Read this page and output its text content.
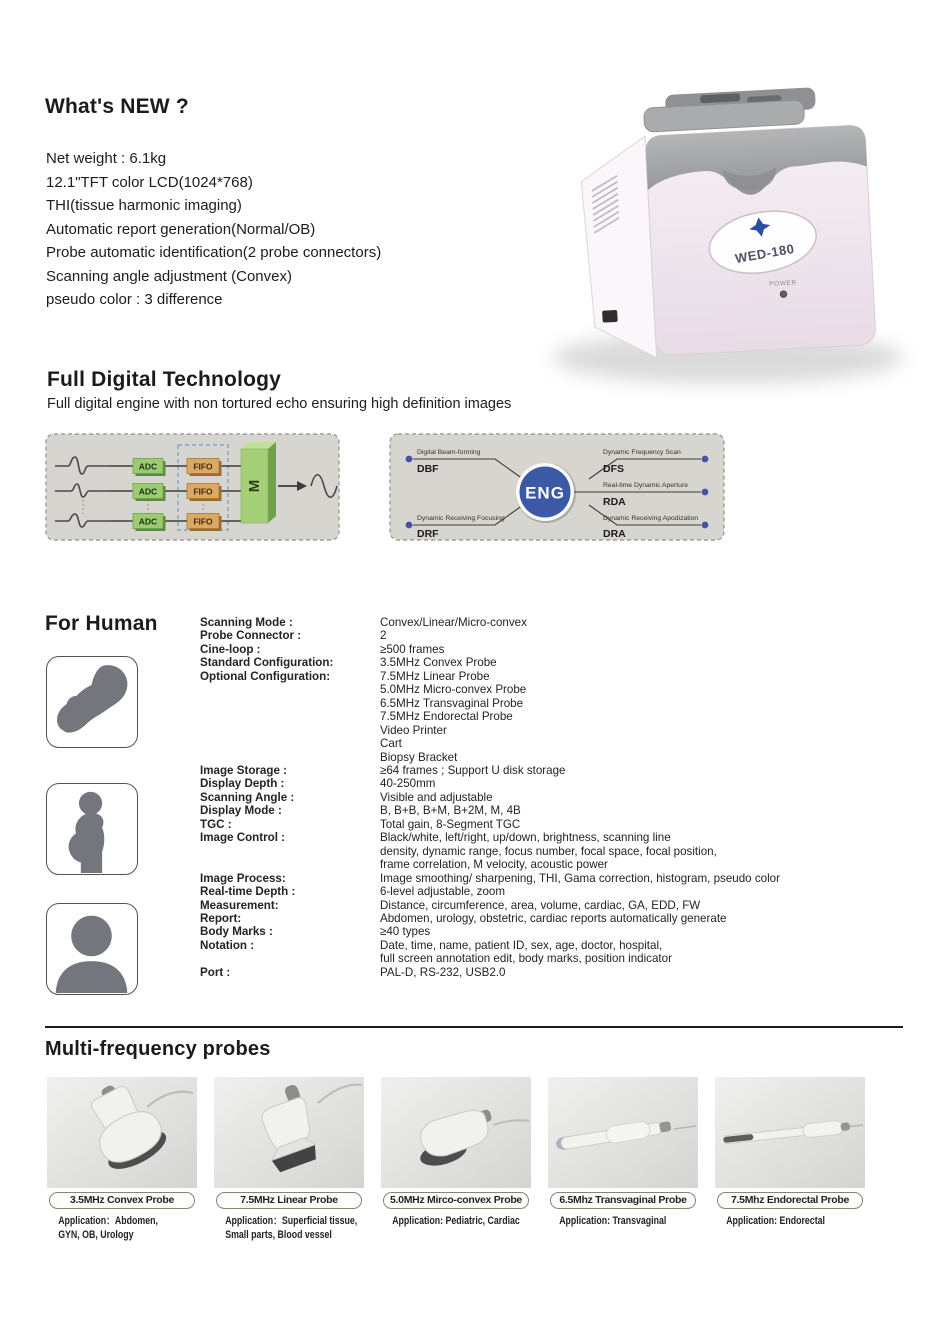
What's NEW ?
Net weight : 6.1kg
12.1"TFT color LCD(1024*768)
THI(tissue harmonic imaging)
Automatic report generation(Normal/OB)
Probe automatic identification(2 probe connectors)
Scanning angle adjustment (Convex)
pseudo color : 3 difference
WED-180
POWER
Full Digital Technology

Full digital engine with non tortured echo ensuring high definition images

ADC
ADC
ADC
FIFO
FIFO
FIFO
M
Digital Beam-forming
DBF
Dynamic Receiving Focusing
DRF
Dynamic Frequency Scan
DFS
Real-time Dynamic Aperture
RDA
Dynamic Receiving Apodization
DRA
ENG
For Human	Scanning Mode :	Convex/Linear/Micro-convex
Probe Connector :	2
Cine-loop :	≥500 frames
Standard Configuration:	3.5MHz Convex Probe
Optional Configuration:	7.5MHz Linear Probe
5.0MHz Micro-convex Probe
6.5MHz Transvaginal Probe
7.5MHz Endorectal Probe
Video Printer
Cart
Biopsy Bracket
Image Storage :	≥64 frames ; Support U disk storage
Display Depth :	40-250mm
Scanning Angle :	Visible and adjustable
Display Mode :	B, B+B, B+M, B+2M, M, 4B
TGC :	Total gain, 8-Segment TGC
Image Control :	Black/white, left/right, up/down, brightness, scanning line
density, dynamic range, focus number, focal space, focal position,
frame correlation, M velocity, acoustic power
Image Process:	Image smoothing/ sharpening, THI, Gama correction, histogram, pseudo color
Real-time Depth :	6-level adjustable, zoom
Measurement:	Distance, circumference, area, volume, cardiac, GA, EDD, FW
Report:	Abdomen, urology, obstetric, cardiac reports automatically generate
Body Marks :	≥40 types
Notation :	Date, time, name, patient ID, sex, age, doctor, hospital,
full screen annotation edit, body marks, position indicator
Port :	PAL-D, RS-232, USB2.0
Multi-frequency probes
3.5MHz Convex Probe
Application：Abdomen,
GYN, OB, Urology
7.5MHz Linear Probe
Application：Superficial tissue,
Small parts, Blood vessel
5.0MHz Mirco-convex Probe
Application: Pediatric, Cardiac
6.5Mhz Transvaginal Probe
Application: Transvaginal
7.5Mhz Endorectal Probe
Application: Endorectal
